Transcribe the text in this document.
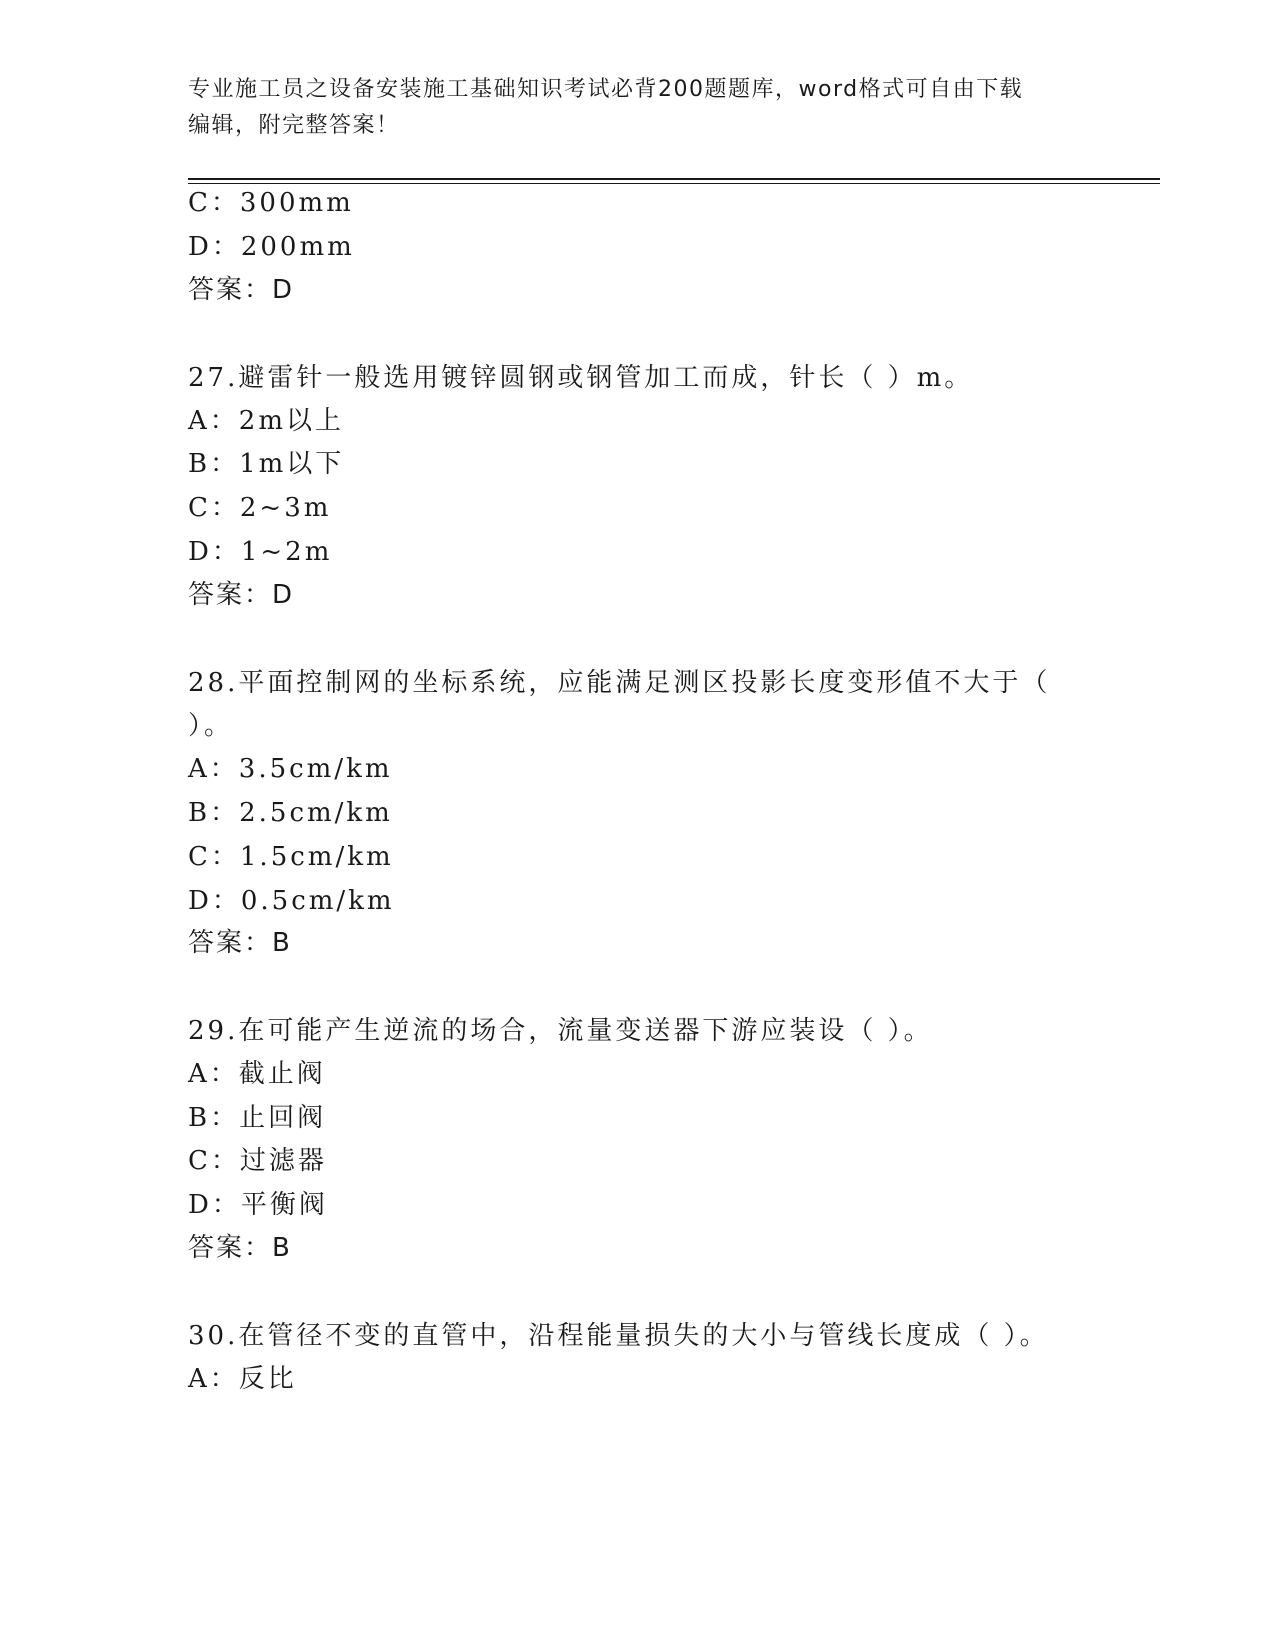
专业施工员之设备安装施工基础知识考试必背200题题库，word格式可自由下载
编辑，附完整答案！
C：300mm
D：200mm
答案：D
27.避雷针一般选用镀锌圆钢或钢管加工而成，针长（ ）m。
A：2m以上
B：1m以下
C：2~3m
D：1~2m
答案：D
28.平面控制网的坐标系统，应能满足测区投影长度变形值不大于（
）。
A：3.5cm/km
B：2.5cm/km
C：1.5cm/km
D：0.5cm/km
答案：B
29.在可能产生逆流的场合，流量变送器下游应装设（ ）。
A：截止阀
B：止回阀
C：过滤器
D：平衡阀
答案：B
30.在管径不变的直管中，沿程能量损失的大小与管线长度成（ ）。
A：反比
